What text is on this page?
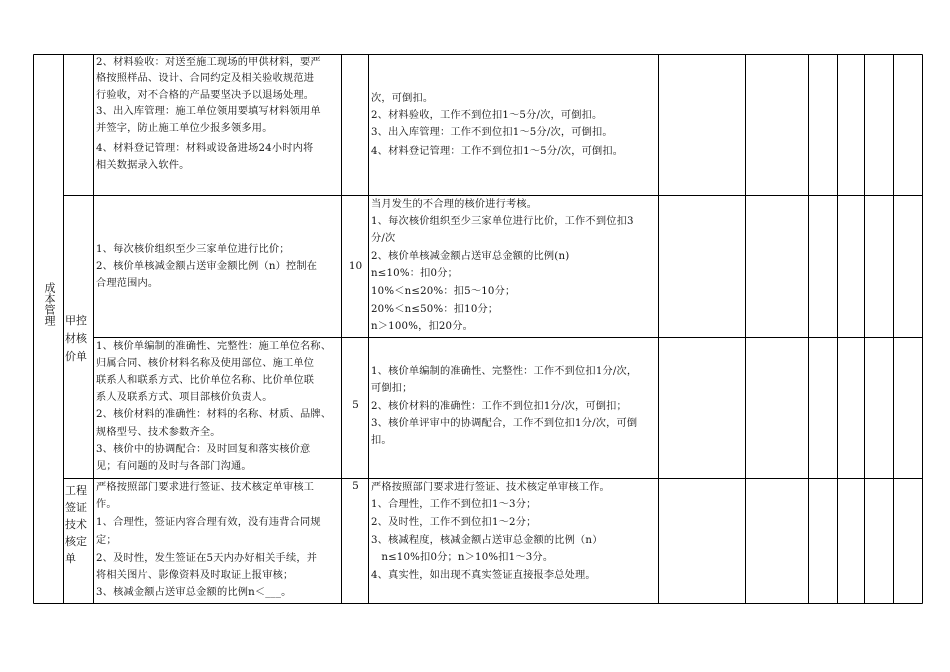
成本管理 甲控材核价单
工程签证技术核定单
2、材料验收：对送至施工现场的甲供材料，要严
格按照样品、设计、合同约定及相关验收规范进
行验收，对不合格的产品要坚决予以退场处理。
3、出入库管理：施工单位领用要填写材料领用单
并签字，防止施工单位少报多领多用。
4、材料登记管理：材料或设备进场24小时内将
相关数据录入软件。
次，可倒扣。
2、材料验收，工作不到位扣1～5分/次，可倒扣。
3、出入库管理：工作不到位扣1～5分/次，可倒扣。
4、材料登记管理：工作不到位扣1～5分/次，可倒扣。
1、每次核价组织至少三家单位进行比价；
2、核价单核减金额占送审金额比例（n）控制在
合理范围内。
10
当月发生的不合理的核价进行考核。
1、每次核价组织至少三家单位进行比价，工作不到位扣3
分/次
2、核价单核减金额占送审总金额的比例(n)
n≤10%：扣0分；
10%＜n≤20%：扣5～10分；
20%＜n≤50%：扣10分；
n＞100%，扣20分。
1、核价单编制的准确性、完整性：施工单位名称、
归属合同、核价材料名称及使用部位、施工单位
联系人和联系方式、比价单位名称、比价单位联
系人及联系方式、项目部核价负责人。
2、核价材料的准确性：材料的名称、材质、品牌、
规格型号、技术参数齐全。
3、核价中的协调配合：及时回复和落实核价意
见；有问题的及时与各部门沟通。
5
1、核价单编制的准确性、完整性：工作不到位扣1分/次，
可倒扣；
2、核价材料的准确性：工作不到位扣1分/次，可倒扣；
3、核价单评审中的协调配合，工作不到位扣1分/次，可倒
扣。
严格按照部门要求进行签证、技术核定单审核工
作。
1、合理性，签证内容合理有效，没有违背合同规
定；
2、及时性，发生签证在5天内办好相关手续，并
将相关图片、影像资料及时取证上报审核；
3、核减金额占送审总金额的比例n＜___。
5	严格按照部门要求进行签证、技术核定单审核工作。
1、合理性，工作不到位扣1～3分；
2、及时性，工作不到位扣1～2分；
3、核减程度，核减金额占送审总金额的比例（n）
n≤10%扣0分；n＞10%扣1～3分。
4、真实性，如出现不真实签证直接报李总处理。
